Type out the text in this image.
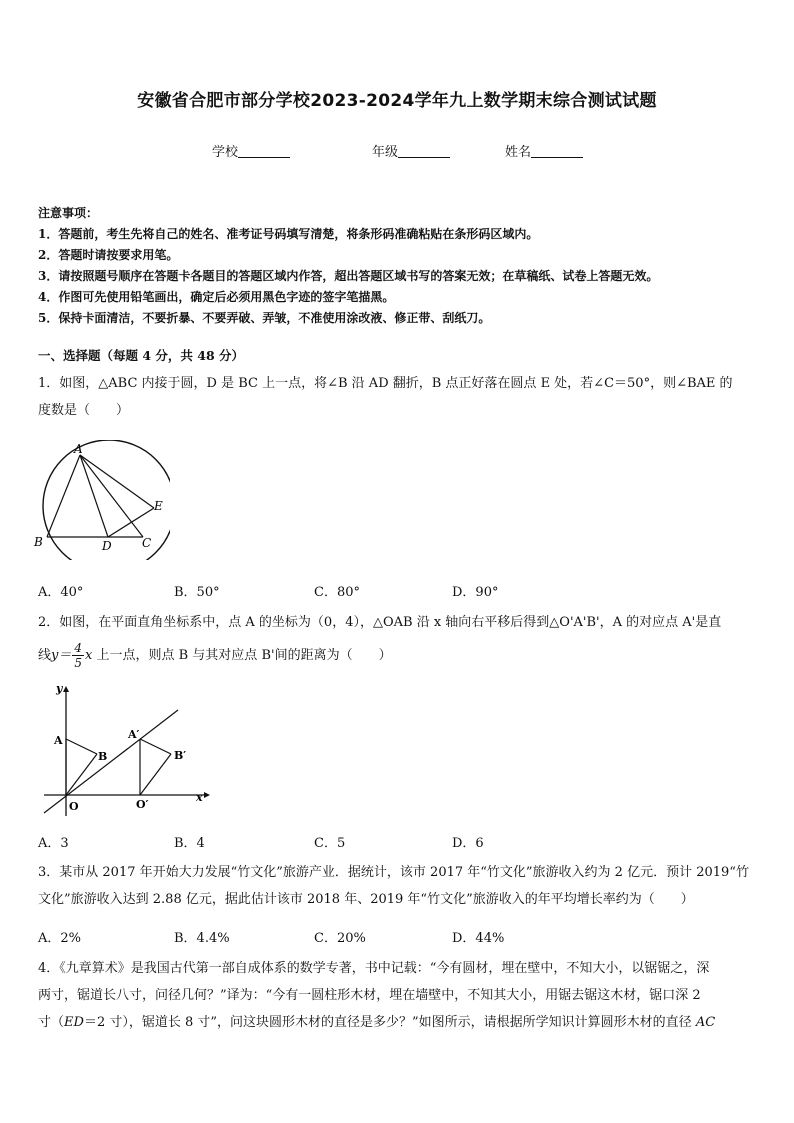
安徽省合肥市部分学校2023-2024学年九上数学期末综合测试试题
学校	年级	姓名
注意事项：
1．答题前，考生先将自己的姓名、准考证号码填写清楚，将条形码准确粘贴在条形码区域内。
2．答题时请按要求用笔。
3．请按照题号顺序在答题卡各题目的答题区域内作答，超出答题区域书写的答案无效；在草稿纸、试卷上答题无效。
4．作图可先使用铅笔画出，确定后必须用黑色字迹的签字笔描黑。
5．保持卡面清洁，不要折暴、不要弄破、弄皱，不准使用涂改液、修正带、刮纸刀。
一、选择题（每题 4 分，共 48 分）
1．如图，△ABC 内接于圆，D 是 BC 上一点，将∠B 沿 AD 翻折，B 点正好落在圆点 E 处，若∠C＝50°，则∠BAE 的
度数是（　　）
A
B	C
D
E
A．40°	B．50°	C．80°	D．90°
2．如图，在平面直角坐标系中，点 A 的坐标为（0，4），△OAB 沿 x 轴向右平移后得到△O'A'B'，A 的对应点 A'是直
线$y= \frac{4}{5}$ x 上一点，则点 B 与其对应点 B'间的距离为（　　）
y
x
O
A
B
A′
B′
O′
A．3	B．4	C．5	D．6
3．某市从 2017 年开始大力发展“竹文化”旅游产业．据统计，该市 2017 年“竹文化”旅游收入约为 2 亿元．预计 2019“竹
文化”旅游收入达到 2.88 亿元，据此估计该市 2018 年、2019 年“竹文化”旅游收入的年平均增长率约为（　　）
A．2%	B．4.4%	C．20%	D．44%
4．《九章算术》是我国古代第一部自成体系的数学专著，书中记载：“今有圆材，埋在壁中，不知大小，以锯锯之，深
两寸，锯道长八寸，问径几何？”译为：“今有一圆柱形木材，埋在墙壁中，不知其大小，用锯去锯这木材，锯口深 2
寸（ED＝2 寸），锯道长 8 寸”，问这块圆形木材的直径是多少？”如图所示，请根据所学知识计算圆形木材的直径 AC
